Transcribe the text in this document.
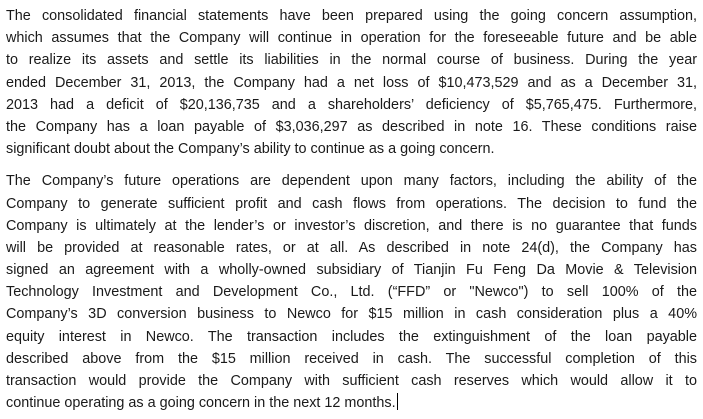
The consolidated financial statements have been prepared using the going concern assumption,
which assumes that the Company will continue in operation for the foreseeable future and be able
to realize its assets and settle its liabilities in the normal course of business. During the year
ended December 31, 2013, the Company had a net loss of $10,473,529 and as a December 31,
2013 had a deficit of $20,136,735 and a shareholders’ deficiency of $5,765,475. Furthermore,
the Company has a loan payable of $3,036,297 as described in note 16. These conditions raise
significant doubt about the Company’s ability to continue as a going concern.
The Company’s future operations are dependent upon many factors, including the ability of the
Company to generate sufficient profit and cash flows from operations. The decision to fund the
Company is ultimately at the lender’s or investor’s discretion, and there is no guarantee that funds
will be provided at reasonable rates, or at all. As described in note 24(d), the Company has
signed an agreement with a wholly-owned subsidiary of Tianjin Fu Feng Da Movie & Television
Technology Investment and Development Co., Ltd. (“FFD” or "Newco") to sell 100% of the
Company’s 3D conversion business to Newco for $15 million in cash consideration plus a 40%
equity interest in Newco. The transaction includes the extinguishment of the loan payable
described above from the $15 million received in cash. The successful completion of this
transaction would provide the Company with sufficient cash reserves which would allow it to
continue operating as a going concern in the next 12 months.
